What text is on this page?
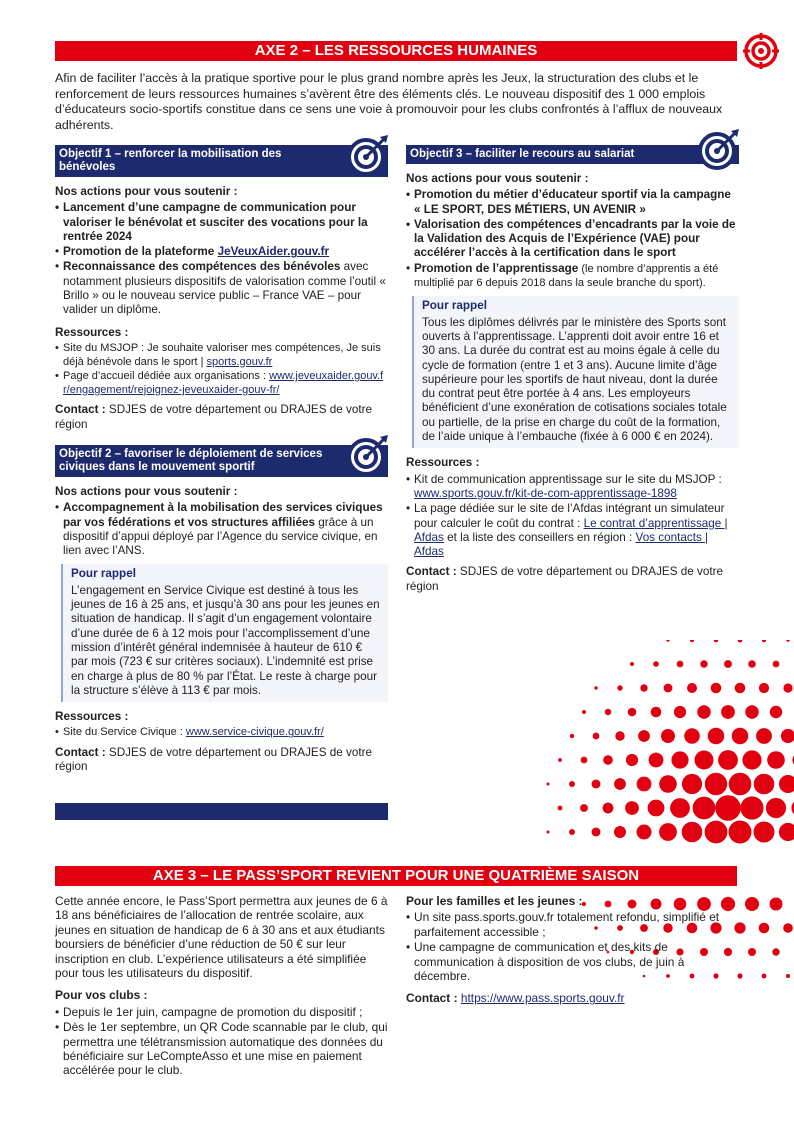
AXE 2 – LES RESSOURCES HUMAINES

Afin de faciliter l’accès à la pratique sportive pour le plus grand nombre après les Jeux, la structuration des clubs et le renforcement de leurs ressources humaines s’avèrent être des éléments clés. Le nouveau dispositif des 1 000 emplois d’éducateurs socio-sportifs constitue dans ce sens une voie à promouvoir pour les clubs confrontés à l’afflux de nouveaux adhérents.

Objectif 1 – renforcer la mobilisation des bénévoles
Nos actions pour vous soutenir :
• Lancement d’une campagne de communication pour valoriser le bénévolat et susciter des vocations pour la rentrée 2024
• Promotion de la plateforme JeVeuxAider.gouv.fr
• Reconnaissance des compétences des bénévoles avec notamment plusieurs dispositifs de valorisation comme l’outil « Brillo » ou le nouveau service public – France VAE – pour valider un diplôme.
Ressources :
• Site du MSJOP : Je souhaite valoriser mes compétences, Je suis déjà bénévole dans le sport | sports.gouv.fr
• Page d’accueil dédiée aux organisations : www.jeveuxaider.gouv.fr/engagement/rejoignez-jeveuxaider-gouv-fr/
Contact : SDJES de votre département ou DRAJES de votre région
Objectif 2 – favoriser le déploiement de services civiques dans le mouvement sportif
Nos actions pour vous soutenir :
• Accompagnement à la mobilisation des services civiques par vos fédérations et vos structures affiliées grâce à un dispositif d’appui déployé par l’Agence du service civique, en lien avec l’ANS.
Pour rappel
L’engagement en Service Civique est destiné à tous les jeunes de 16 à 25 ans, et jusqu’à 30 ans pour les jeunes en situation de handicap. Il s’agit d’un engagement volontaire d’une durée de 6 à 12 mois pour l’accomplissement d’une mission d’intérêt général indemnisée à hauteur de 610 € par mois (723 € sur critères sociaux). L’indemnité est prise en charge à plus de 80 % par l’État. Le reste à charge pour la structure s’élève à 113 € par mois.
Ressources :
• Site du Service Civique : www.service-civique.gouv.fr/
Contact : SDJES de votre département ou DRAJES de votre région
Objectif 3 – faciliter le recours au salariat
Nos actions pour vous soutenir :
• Promotion du métier d’éducateur sportif via la campagne « LE SPORT, DES MÉTIERS, UN AVENIR »
• Valorisation des compétences d’encadrants par la voie de la Validation des Acquis de l’Expérience (VAE) pour accélérer l’accès à la certification dans le sport
• Promotion de l’apprentissage (le nombre d’apprentis a été multiplié par 6 depuis 2018 dans la seule branche du sport).
Pour rappel
Tous les diplômes délivrés par le ministère des Sports sont ouverts à l’apprentissage. L’apprenti doit avoir entre 16 et 30 ans. La durée du contrat est au moins égale à celle du cycle de formation (entre 1 et 3 ans). Aucune limite d’âge supérieure pour les sportifs de haut niveau, dont la durée du contrat peut être portée à 4 ans. Les employeurs bénéficient d’une exonération de cotisations sociales totale ou partielle, de la prise en charge du coût de la formation, de l’aide unique à l’embauche (fixée à 6 000 € en 2024).
Ressources :
• Kit de communication apprentissage sur le site du MSJOP : www.sports.gouv.fr/kit-de-com-apprentissage-1898
• La page dédiée sur le site de l’Afdas intégrant un simulateur pour calculer le coût du contrat : Le contrat d’apprentissage | Afdas et la liste des conseillers en région : Vos contacts | Afdas
Contact : SDJES de votre département ou DRAJES de votre région
AXE 3 – LE PASS’SPORT REVIENT POUR UNE QUATRIÈME SAISON
Cette année encore, le Pass’Sport permettra aux jeunes de 6 à 18 ans bénéficiaires de l’allocation de rentrée scolaire, aux jeunes en situation de handicap de 6 à 30 ans et aux étudiants boursiers de bénéficier d’une réduction de 50 € sur leur inscription en club. L’expérience utilisateurs a été simplifiée pour tous les utilisateurs du dispositif.
Pour vos clubs :
• Depuis le 1er juin, campagne de promotion du dispositif ;
• Dès le 1er septembre, un QR Code scannable par le club, qui permettra une télétransmission automatique des données du bénéficiaire sur LeCompteAsso et une mise en paiement accélérée pour le club.
Pour les familles et les jeunes :
• Un site pass.sports.gouv.fr totalement refondu, simplifié et parfaitement accessible ;
• Une campagne de communication et des kits de communication à disposition de vos clubs, de juin à décembre.
Contact : https://www.pass.sports.gouv.fr
